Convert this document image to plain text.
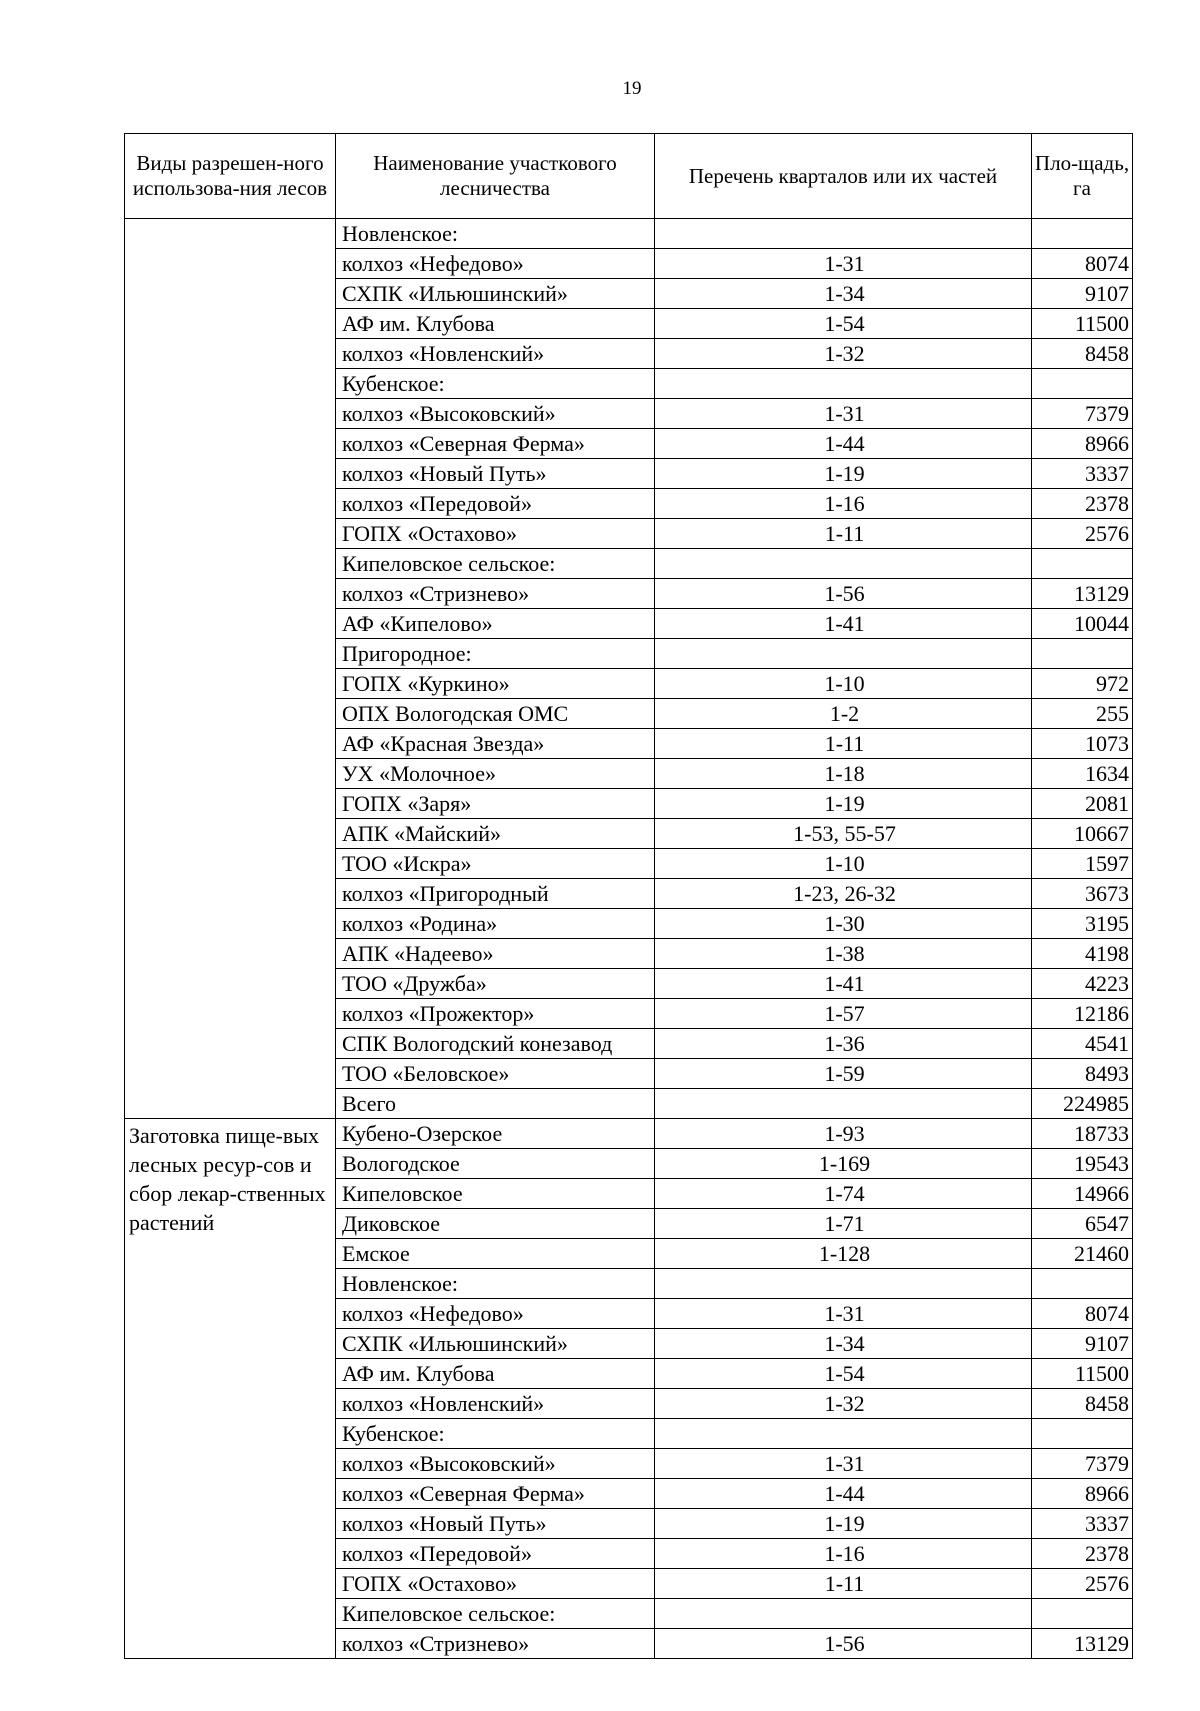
19
Виды разрешен-ного использова-ния лесов	Наименование участкового лесничества	Перечень кварталов или их частей	Пло-щадь, га
	Новленское:		
	колхоз «Нефедово»	1-31	8074
	СХПК «Ильюшинский»	1-34	9107
	АФ им. Клубова	1-54	11500
	колхоз «Новленский»	1-32	8458
	Кубенское:		
	колхоз «Высоковский»	1-31	7379
	колхоз «Северная Ферма»	1-44	8966
	колхоз «Новый Путь»	1-19	3337
	колхоз «Передовой»	1-16	2378
	ГОПХ «Остахово»	1-11	2576
	Кипеловское сельское:		
	колхоз «Стризнево»	1-56	13129
	АФ «Кипелово»	1-41	10044
	Пригородное:		
	ГОПХ «Куркино»	1-10	972
	ОПХ Вологодская ОМС	1-2	255
	АФ «Красная Звезда»	1-11	1073
	УХ «Молочное»	1-18	1634
	ГОПХ «Заря»	1-19	2081
	АПК «Майский»	1-53, 55-57	10667
	ТОО «Искра»	1-10	1597
	колхоз «Пригородный	1-23, 26-32	3673
	колхоз «Родина»	1-30	3195
	АПК «Надеево»	1-38	4198
	ТОО «Дружба»	1-41	4223
	колхоз «Прожектор»	1-57	12186
	СПК Вологодский конезавод	1-36	4541
	ТОО «Беловское»	1-59	8493
	Всего		224985
Заготовка пище-вых лесных ресур-сов и сбор лекар-ственных растений	Кубено-Озерское	1-93	18733
	Вологодское	1-169	19543
	Кипеловское	1-74	14966
	Диковское	1-71	6547
	Емское	1-128	21460
	Новленское:		
	колхоз «Нефедово»	1-31	8074
	СХПК «Ильюшинский»	1-34	9107
	АФ им. Клубова	1-54	11500
	колхоз «Новленский»	1-32	8458
	Кубенское:		
	колхоз «Высоковский»	1-31	7379
	колхоз «Северная Ферма»	1-44	8966
	колхоз «Новый Путь»	1-19	3337
	колхоз «Передовой»	1-16	2378
	ГОПХ «Остахово»	1-11	2576
	Кипеловское сельское:		
	колхоз «Стризнево»	1-56	13129
